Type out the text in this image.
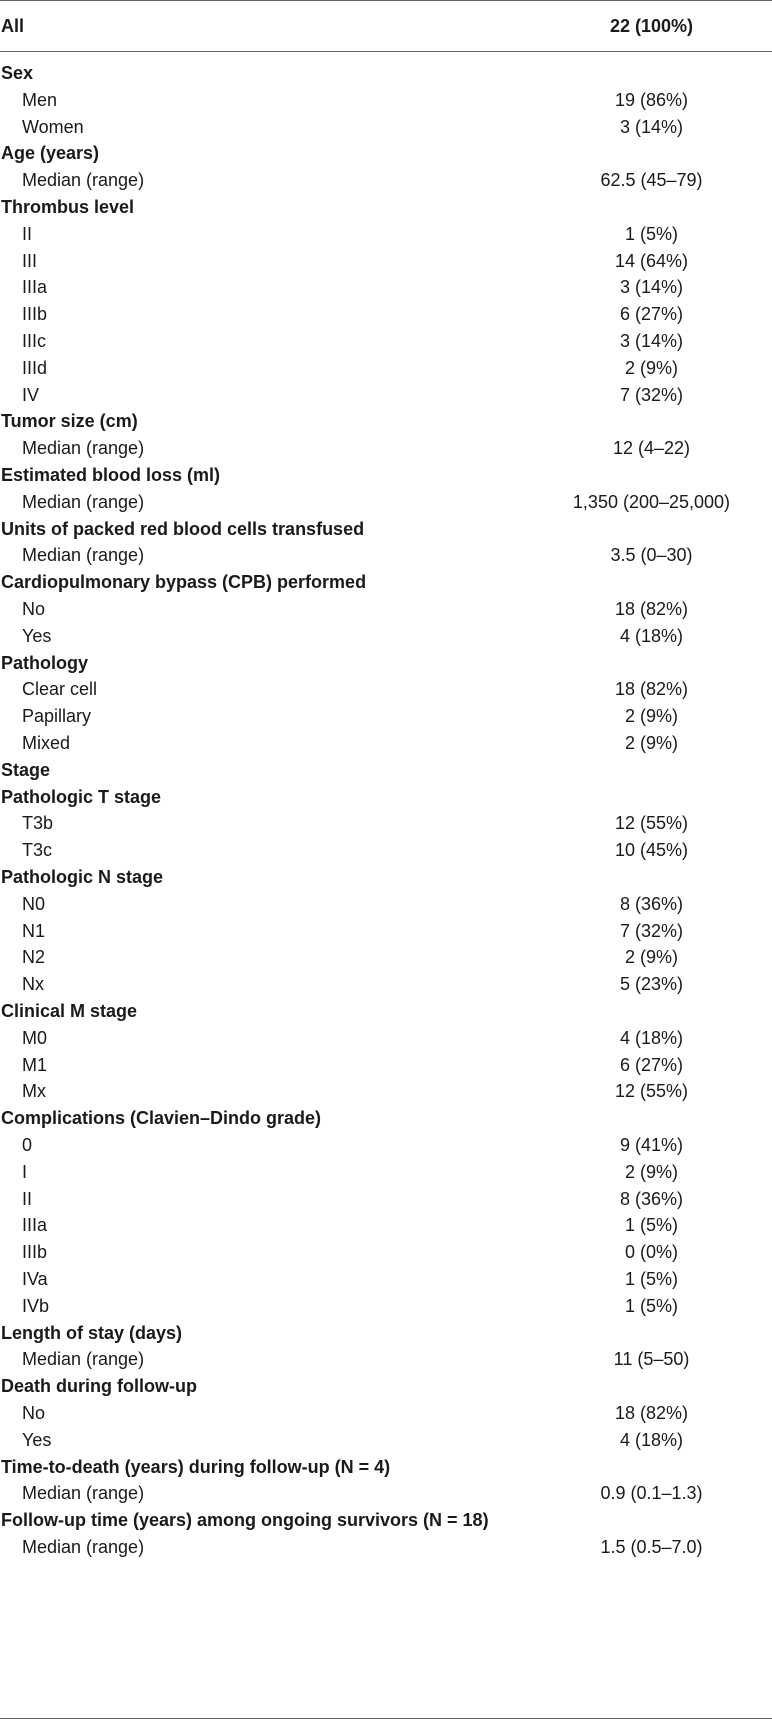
All	22 (100%)
Sex
Men	19 (86%)
Women	3 (14%)
Age (years)
Median (range)	62.5 (45–79)
Thrombus level
II	1 (5%)
III	14 (64%)
IIIa	3 (14%)
IIIb	6 (27%)
IIIc	3 (14%)
IIId	2 (9%)
IV	7 (32%)
Tumor size (cm)
Median (range)	12 (4–22)
Estimated blood loss (ml)
Median (range)	1,350 (200–25,000)
Units of packed red blood cells transfused
Median (range)	3.5 (0–30)
Cardiopulmonary bypass (CPB) performed
No	18 (82%)
Yes	4 (18%)
Pathology
Clear cell	18 (82%)
Papillary	2 (9%)
Mixed	2 (9%)
Stage
Pathologic T stage
T3b	12 (55%)
T3c	10 (45%)
Pathologic N stage
N0	8 (36%)
N1	7 (32%)
N2	2 (9%)
Nx	5 (23%)
Clinical M stage
M0	4 (18%)
M1	6 (27%)
Mx	12 (55%)
Complications (Clavien–Dindo grade)
0	9 (41%)
I	2 (9%)
II	8 (36%)
IIIa	1 (5%)
IIIb	0 (0%)
IVa	1 (5%)
IVb	1 (5%)
Length of stay (days)
Median (range)	11 (5–50)
Death during follow-up
No	18 (82%)
Yes	4 (18%)
Time-to-death (years) during follow-up (N = 4)
Median (range)	0.9 (0.1–1.3)
Follow-up time (years) among ongoing survivors (N = 18)
Median (range)	1.5 (0.5–7.0)
